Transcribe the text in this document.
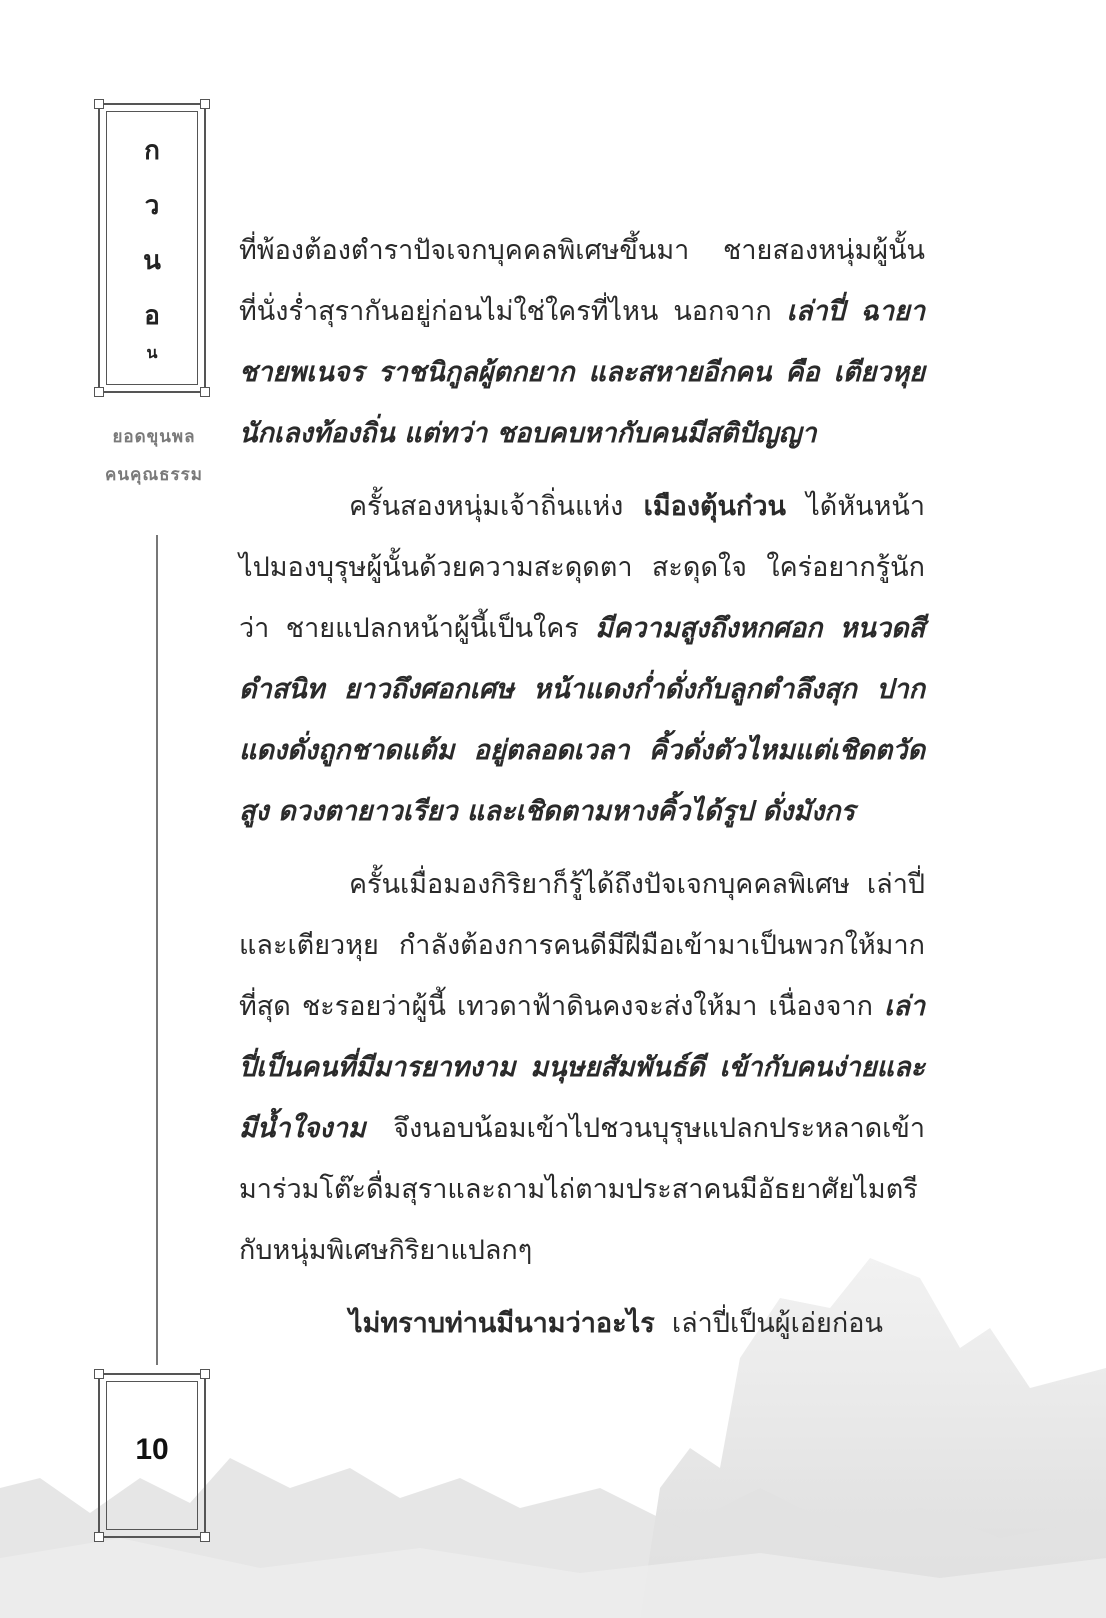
ก
ว
น
อ
น
ยอดขุนพล
คนคุณธรรม
10

ที่พ้องต้องตำราปัจเจกบุคคลพิเศษขึ้นมา ชายสองหนุ่มผู้นั้น ที่นั่งร่ำสุรากันอยู่ก่อนไม่ใช่ใครที่ไหน นอกจาก เล่าปี่ ฉายา ชายพเนจร ราชนิกูลผู้ตกยาก และสหายอีกคน คือ เตียวหุย นักเลงท้องถิ่น แต่ทว่า ชอบคบหากับคนมีสติปัญญา

ครั้นสองหนุ่มเจ้าถิ่นแห่ง เมืองตุ้นก๋วน ได้หันหน้าไปมองบุรุษผู้นั้นด้วยความสะดุดตา สะดุดใจ ใคร่อยากรู้นักว่า ชายแปลกหน้าผู้นี้เป็นใคร มีความสูงถึงหกศอก หนวดสีดำสนิท ยาวถึงศอกเศษ หน้าแดงก่ำดั่งกับลูกตำลึงสุก ปากแดงดั่งถูกชาดแต้ม อยู่ตลอดเวลา คิ้วดั่งตัวไหมแต่เชิดตวัดสูง ดวงตายาวเรียว และเชิดตามหางคิ้วได้รูป ดั่งมังกร

ครั้นเมื่อมองกิริยาก็รู้ได้ถึงปัจเจกบุคคลพิเศษ เล่าปี่และเตียวหุย กำลังต้องการคนดีมีฝีมือเข้ามาเป็นพวกให้มากที่สุด ชะรอยว่าผู้นี้ เทวดาฟ้าดินคงจะส่งให้มา เนื่องจาก เล่าปี่เป็นคนที่มีมารยาทงาม มนุษยสัมพันธ์ดี เข้ากับคนง่ายและมีน้ำใจงาม จึงนอบน้อมเข้าไปชวนบุรุษแปลกประหลาดเข้ามาร่วมโต๊ะดื่มสุราและถามไถ่ตามประสาคนมีอัธยาศัยไมตรีกับหนุ่มพิเศษกิริยาแปลกๆ

ไม่ทราบท่านมีนามว่าอะไร  เล่าปี่เป็นผู้เอ่ยก่อน
